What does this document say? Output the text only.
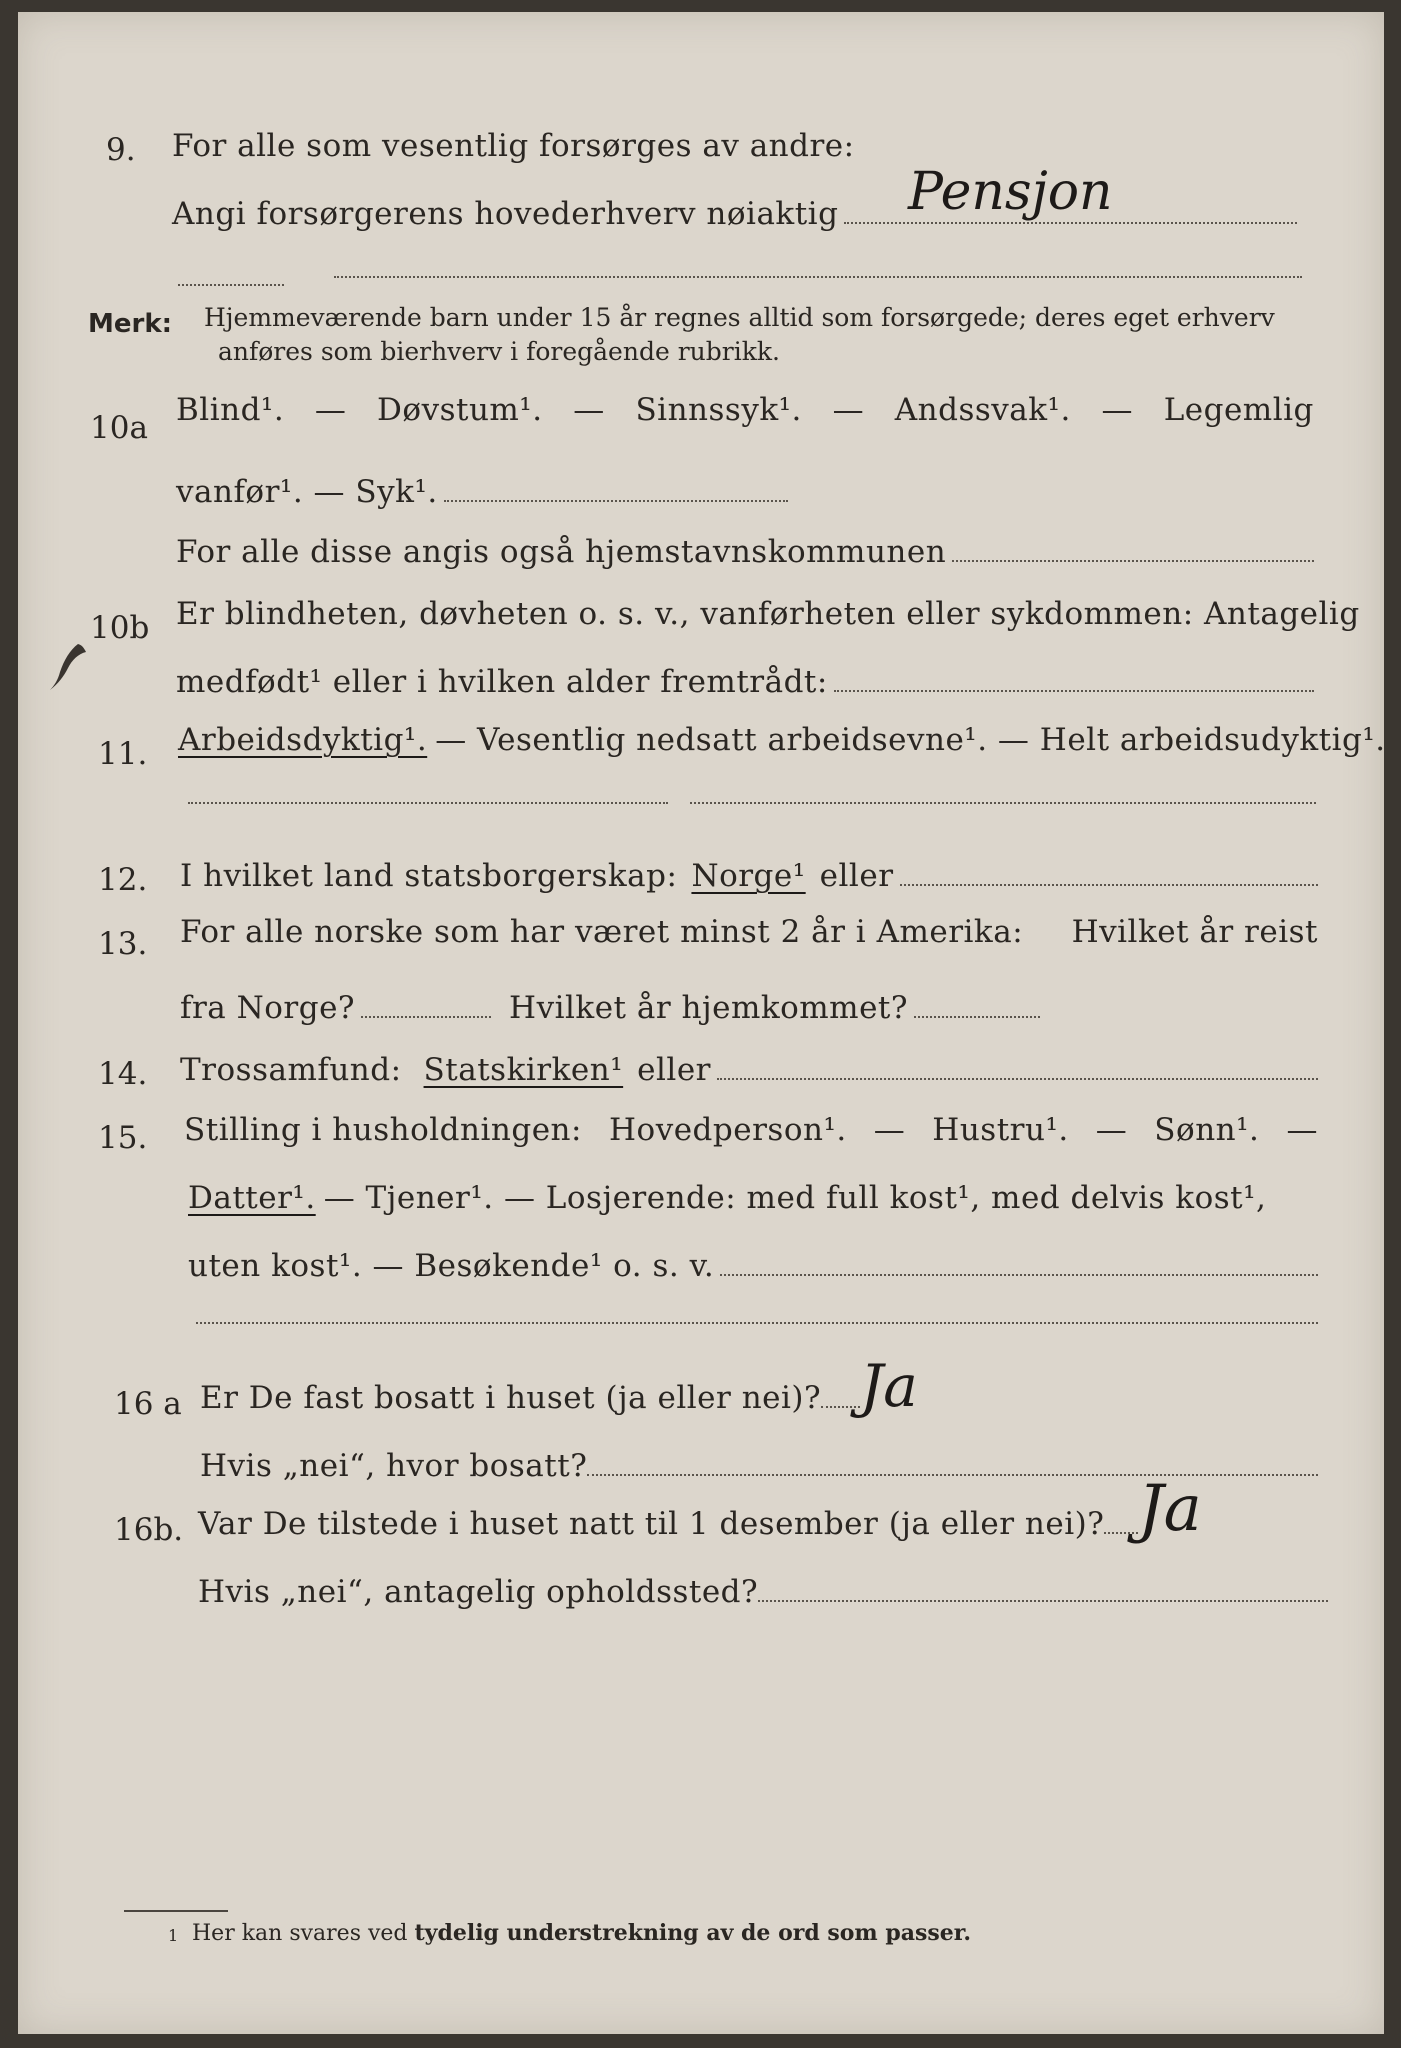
9. For alle som vesentlig forsørges av andre:
Angi forsørgerens hovederhverv nøiaktig Pensjon
Merk: Hjemmeværende barn under 15 år regnes alltid som forsørgede; deres eget erhverv
anføres som bierhverv i foregående rubrikk.
10a Blind¹. — Døvstum¹. — Sinnssyk¹. — Andssvak¹. — Legemlig
vanfør¹. — Syk¹.
For alle disse angis også hjemstavnskommunen
10b Er blindheten, døvheten o. s. v., vanførheten eller sykdommen: Antagelig
medfødt¹ eller i hvilken alder fremtrådt:
11. Arbeidsdyktig¹. — Vesentlig nedsatt arbeidsevne¹. — Helt arbeidsudyktig¹.
12. I hvilket land statsborgerskap: Norge¹ eller
13. For alle norske som har været minst 2 år i Amerika: Hvilket år reist
fra Norge?	Hvilket år hjemkommet?
14. Trossamfund: Statskirken¹ eller
15. Stilling i husholdningen: Hovedperson¹. — Hustru¹. — Sønn¹. —
Datter¹. — Tjener¹. — Losjerende: med full kost¹, med delvis kost¹,
uten kost¹. — Besøkende¹ o. s. v.
16 a Er De fast bosatt i huset (ja eller nei)? Ja
Hvis „nei“, hvor bosatt?
16b. Var De tilstede i huset natt til 1 desember (ja eller nei)? Ja
Hvis „nei“, antagelig opholdssted?
1 Her kan svares ved tydelig understrekning av de ord som passer.
